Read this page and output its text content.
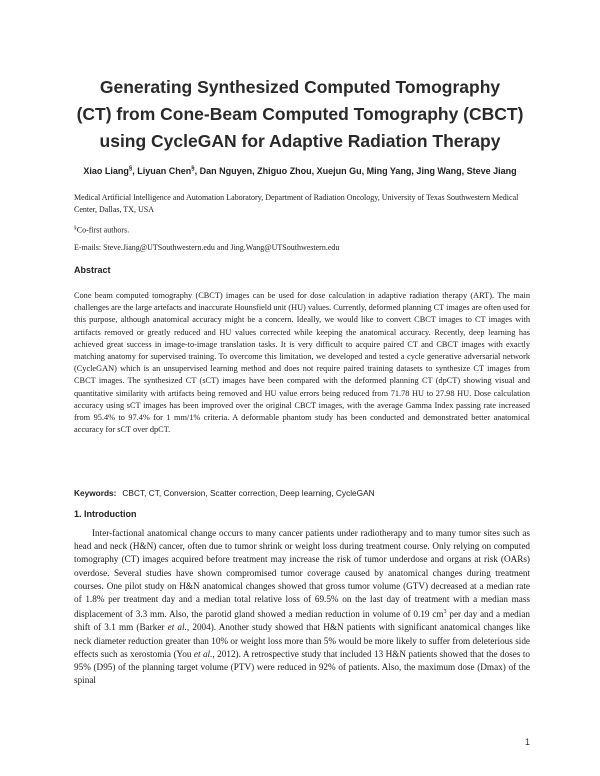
Generating Synthesized Computed Tomography
(CT) from Cone-Beam Computed Tomography (CBCT)
using CycleGAN for Adaptive Radiation Therapy
Xiao Liang§, Liyuan Chen§, Dan Nguyen, Zhiguo Zhou, Xuejun Gu, Ming Yang, Jing Wang, Steve Jiang
Medical Artificial Intelligence and Automation Laboratory, Department of Radiation Oncology, University of Texas Southwestern Medical Center, Dallas, TX, USA
§Co-first authors.
E-mails: Steve.Jiang@UTSouthwestern.edu and Jing.Wang@UTSouthwestern.edu
Abstract
Cone beam computed tomography (CBCT) images can be used for dose calculation in adaptive radiation therapy (ART). The main challenges are the large artefacts and inaccurate Hounsfield unit (HU) values. Currently, deformed planning CT images are often used for this purpose, although anatomical accuracy might be a concern. Ideally, we would like to convert CBCT images to CT images with artifacts removed or greatly reduced and HU values corrected while keeping the anatomical accuracy. Recently, deep learning has achieved great success in image-to-image translation tasks. It is very difficult to acquire paired CT and CBCT images with exactly matching anatomy for supervised training. To overcome this limitation, we developed and tested a cycle generative adversarial network (CycleGAN) which is an unsupervised learning method and does not require paired training datasets to synthesize CT images from CBCT images. The synthesized CT (sCT) images have been compared with the deformed planning CT (dpCT) showing visual and quantitative similarity with artifacts being removed and HU value errors being reduced from 71.78 HU to 27.98 HU. Dose calculation accuracy using sCT images has been improved over the original CBCT images, with the average Gamma Index passing rate increased from 95.4% to 97.4% for 1 mm/1% criteria. A deformable phantom study has been conducted and demonstrated better anatomical accuracy for sCT over dpCT.
Keywords: CBCT, CT, Conversion, Scatter correction, Deep learning, CycleGAN
1. Introduction
Inter-factional anatomical change occurs to many cancer patients under radiotherapy and to many tumor sites such as head and neck (H&N) cancer, often due to tumor shrink or weight loss during treatment course. Only relying on computed tomography (CT) images acquired before treatment may increase the risk of tumor underdose and organs at risk (OARs) overdose. Several studies have shown compromised tumor coverage caused by anatomical changes during treatment courses. One pilot study on H&N anatomical changes showed that gross tumor volume (GTV) decreased at a median rate of 1.8% per treatment day and a median total relative loss of 69.5% on the last day of treatment with a median mass displacement of 3.3 mm. Also, the parotid gland showed a median reduction in volume of 0.19 $cm^3$ per day and a median shift of 3.1 mm (Barker et al., 2004). Another study showed that H&N patients with significant anatomical changes like neck diameter reduction greater than 10% or weight loss more than 5% would be more likely to suffer from deleterious side effects such as xerostomia (You et al., 2012). A retrospective study that included 13 H&N patients showed that the doses to 95% (D95) of the planning target volume (PTV) were reduced in 92% of patients. Also, the maximum dose (Dmax) of the spinal
1
